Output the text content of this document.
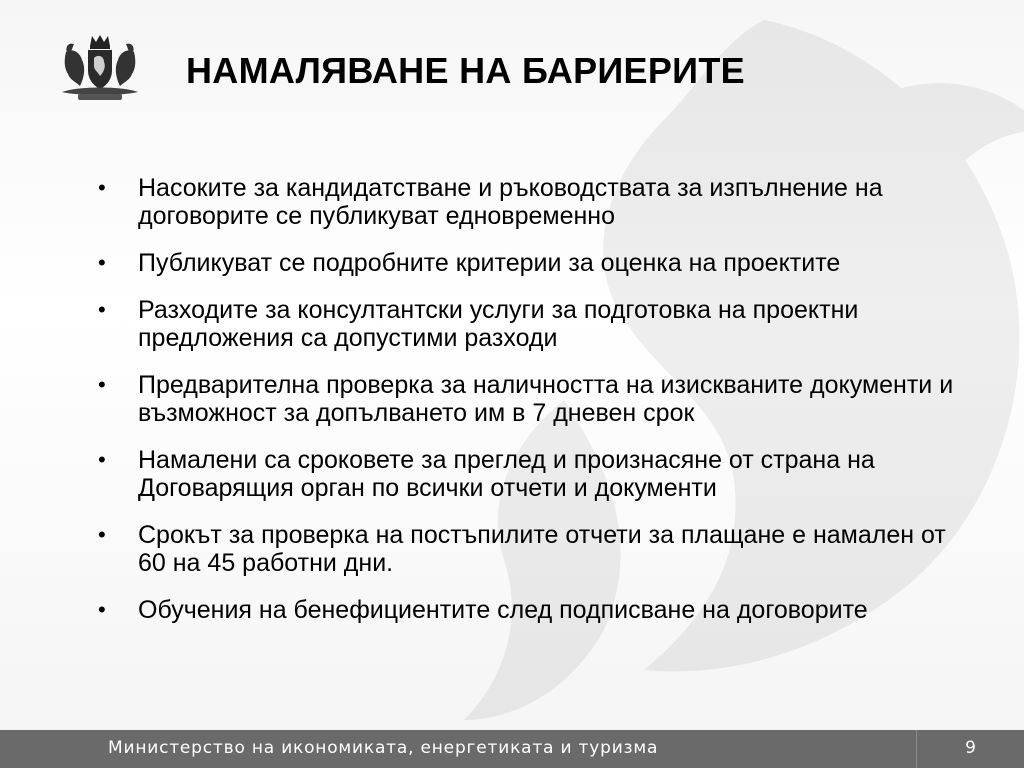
НАМАЛЯВАНЕ НА БАРИЕРИТЕ
• Насоките за кандидатстване и ръководствата за изпълнение на договорите се публикуват едновременно
• Публикуват се подробните критерии за оценка на проектите
• Разходите за консултантски услуги за подготовка на проектни предложения са допустими разходи
• Предварителна проверка за наличността на изискваните документи и възможност за допълването им в 7 дневен срок
• Намалени са сроковете за преглед и произнасяне от страна на Договарящия орган по всички отчети и документи
• Срокът за проверка на постъпилите отчети за плащане е намален от 60 на 45 работни дни.
• Обучения на бенефициентите след подписване на договорите
Министерство на икономиката, енергетиката и туризма	9
